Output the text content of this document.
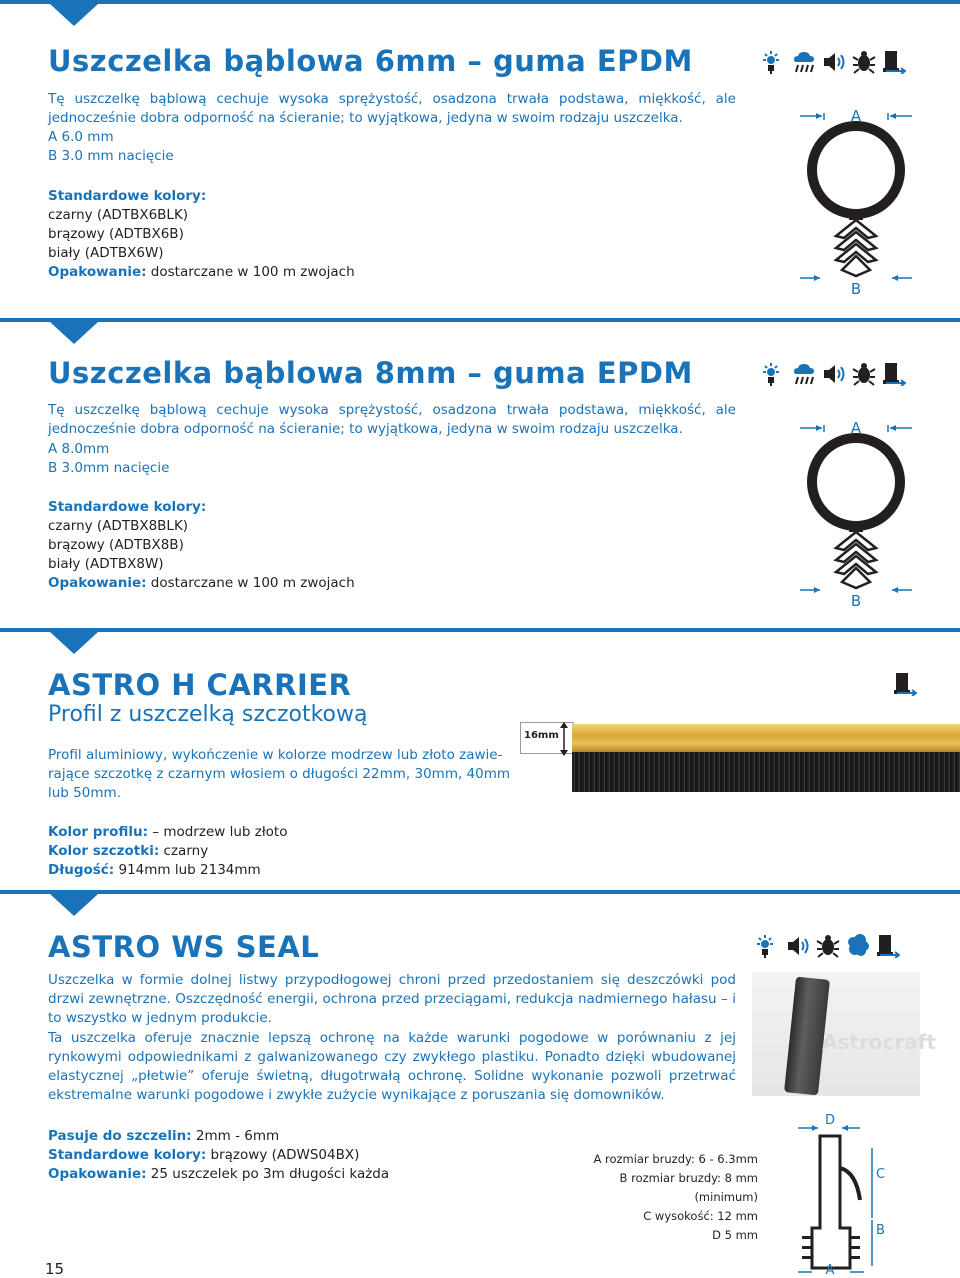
Uszczelka bąblowa 6mm – guma EPDM
Tę uszczelkę bąblową cechuje wysoka sprężystość, osadzona trwała podstawa, miękkość, ale jednocześnie dobra odporność na ścieranie; to wyjątkowa, jedyna w swoim rodzaju uszczelka.
A 6.0 mm
B 3.0 mm nacięcie
Standardowe kolory:
czarny (ADTBX6BLK)
brązowy (ADTBX6B)
biały (ADTBX6W)
Opakowanie: dostarczane w 100 m zwojach
A
B
Uszczelka bąblowa 8mm – guma EPDM
Tę uszczelkę bąblową cechuje wysoka sprężystość, osadzona trwała podstawa, miękkość, ale jednocześnie dobra odporność na ścieranie; to wyjątkowa, jedyna w swoim rodzaju uszczelka.
A 8.0mm
B 3.0mm nacięcie
Standardowe kolory:
czarny (ADTBX8BLK)
brązowy (ADTBX8B)
biały (ADTBX8W)
Opakowanie: dostarczane w 100 m zwojach
A
B
ASTRO H CARRIER
Profil z uszczelką szczotkową
Profil aluminiowy, wykończenie w kolorze modrzew lub złoto zawie-
rające szczotkę z czarnym włosiem o długości 22mm, 30mm, 40mm
lub 50mm.
16mm
Kolor profilu: – modrzew lub złoto
Kolor szczotki: czarny
Długość: 914mm lub 2134mm
ASTRO WS SEAL
Uszczelka w formie dolnej listwy przypodłogowej chroni przed przedostaniem się deszczówki pod drzwi zewnętrzne. Oszczędność energii, ochrona przed przeciągami, redukcja nadmiernego hałasu – i to wszystko w jednym produkcie.
Ta uszczelka oferuje znacznie lepszą ochronę na każde warunki pogodowe w porównaniu z jej rynkowymi odpowiednikami z galwanizowanego czy zwykłego plastiku. Ponadto dzięki wbudowanej elastycznej „płetwie” oferuje świetną, długotrwałą ochronę. Solidne wykonanie pozwoli przetrwać ekstremalne warunki pogodowe i zwykłe zużycie wynikające z poruszania się domowników.
Astrocraft
Pasuje do szczelin: 2mm - 6mm
Standardowe kolory: brązowy (ADWS04BX)
Opakowanie: 25 uszczelek po 3m długości każda
A rozmiar bruzdy: 6 - 6.3mm
B rozmiar bruzdy: 8 mm (minimum)
C wysokość: 12 mm
D 5 mm
D
C
B
A
15
